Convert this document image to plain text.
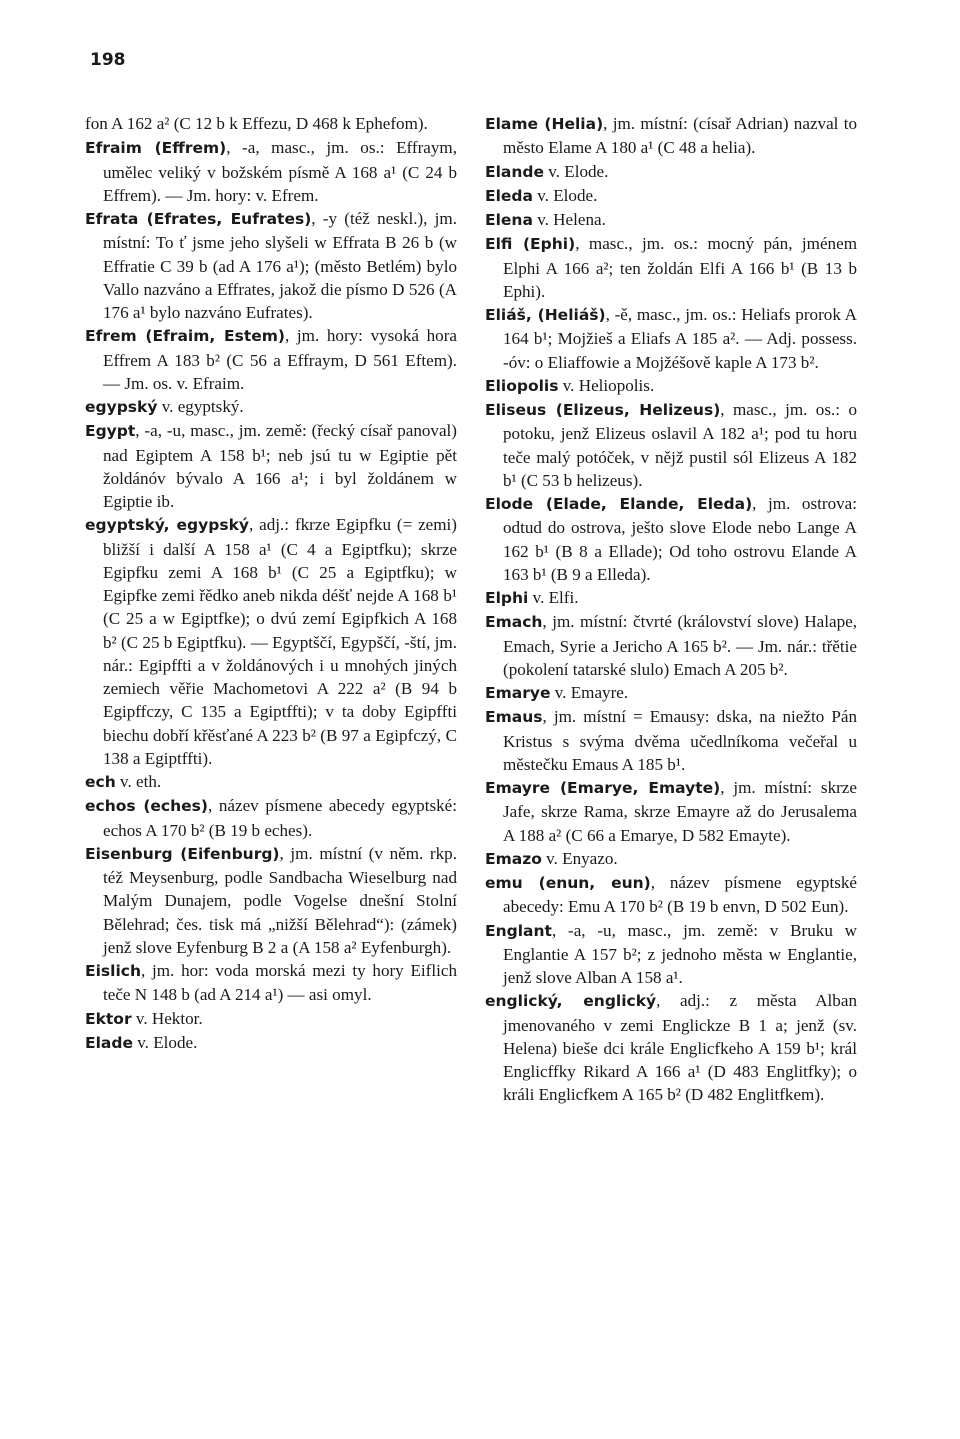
198

fon A 162 a² (C 12 b k Effezu, D 468 k Ephefom).

Efraim (Effrem), -a, masc., jm. os.: Effraym, umělec veliký v božském písmě A 168 a¹ (C 24 b Effrem). — Jm. hory: v. Efrem.

Efrata (Efrates, Eufrates), -y (též neskl.), jm. místní: To ť jsme jeho slyšeli w Effrata B 26 b (w Effratie C 39 b (ad A 176 a¹); (město Betlém) bylo Vallo nazváno a Effrates, jakož die písmo D 526 (A 176 a¹ bylo nazváno Eufrates).

Efrem (Efraim, Estem), jm. hory: vysoká hora Effrem A 183 b² (C 56 a Effraym, D 561 Eftem). — Jm. os. v. Efraim.

egypský v. egyptský.

Egypt, -a, -u, masc., jm. země: (řecký císař panoval) nad Egiptem A 158 b¹; neb jsú tu w Egiptie pět žoldánóv bývalo A 166 a¹; i byl žoldánem w Egiptie ib.

egyptský, egypský, adj.: fkrze Egipfku (= zemi) bližší i další A 158 a¹ (C 4 a Egiptfku); skrze Egipfku zemi A 168 b¹ (C 25 a Egiptfku); w Egipfke zemi řědko aneb nikda déšť nejde A 168 b¹ (C 25 a w Egiptfke); o dvú zemí Egipfkich A 168 b² (C 25 b Egiptfku). — Egyptščí, Egypščí, -ští, jm. nár.: Egipffti a v žoldánových i u mnohých jiných zemiech věřie Machometovi A 222 a² (B 94 b Egipffczy, C 135 a Egiptffti); v ta doby Egipffti biechu dobří křěsťané A 223 b² (B 97 a Egipfczý, C 138 a Egiptffti).

ech v. eth.

echos (eches), název písmene abecedy egyptské: echos A 170 b² (B 19 b eches).

Eisenburg (Eifenburg), jm. místní (v něm. rkp. též Meysenburg, podle Sandbacha Wieselburg nad Malým Dunajem, podle Vogelse dnešní Stolní Bělehrad; čes. tisk má „nižší Bělehrad“): (zámek) jenž slove Eyfenburg B 2 a (A 158 a² Eyfenburgh).

Eislich, jm. hor: voda morská mezi ty hory Eiflich teče N 148 b (ad A 214 a¹) — asi omyl.

Ektor v. Hektor.

Elade v. Elode.

Elame (Helia), jm. místní: (císař Adrian) nazval to město Elame A 180 a¹ (C 48 a helia).

Elande v. Elode.

Eleda v. Elode.

Elena v. Helena.

Elfi (Ephi), masc., jm. os.: mocný pán, jménem Elphi A 166 a²; ten žoldán Elfi A 166 b¹ (B 13 b Ephi).

Eliáš, (Heliáš), -ě, masc., jm. os.: Heliafs prorok A 164 b¹; Mojžieš a Eliafs A 185 a². — Adj. possess. -óv: o Eliaffowie a Mojžéšově kaple A 173 b².

Eliopolis v. Heliopolis.

Eliseus (Elizeus, Helizeus), masc., jm. os.: o potoku, jenž Elizeus oslavil A 182 a¹; pod tu horu teče malý potóček, v nějž pustil sól Elizeus A 182 b¹ (C 53 b helizeus).

Elode (Elade, Elande, Eleda), jm. ostrova: odtud do ostrova, ješto slove Elode nebo Lange A 162 b¹ (B 8 a Ellade); Od toho ostrovu Elande A 163 b¹ (B 9 a Elleda).

Elphi v. Elfi.

Emach, jm. místní: čtvrté (království slove) Halape, Emach, Syrie a Jericho A 165 b². — Jm. nár.: třětie (pokolení tatarské slulo) Emach A 205 b².

Emarye v. Emayre.

Emaus, jm. místní = Emausy: dska, na niežto Pán Kristus s svýma dvěma učedlníkoma večeřal u městečku Emaus A 185 b¹.

Emayre (Emarye, Emayte), jm. místní: skrze Jafe, skrze Rama, skrze Emayre až do Jerusalema A 188 a² (C 66 a Emarye, D 582 Emayte).

Emazo v. Enyazo.

emu (enun, eun), název písmene egyptské abecedy: Emu A 170 b² (B 19 b envn, D 502 Eun).

Englant, -a, -u, masc., jm. země: v Bruku w Englantie A 157 b²; z jednoho města w Englantie, jenž slove Alban A 158 a¹.

englický, englický, adj.: z města Alban jmenovaného v zemi Englickze B 1 a; jenž (sv. Helena) bieše dci krále Englicfkeho A 159 b¹; král Englicffky Rikard A 166 a¹ (D 483 Englitfky); o králi Englicfkem A 165 b² (D 482 Englitfkem).
